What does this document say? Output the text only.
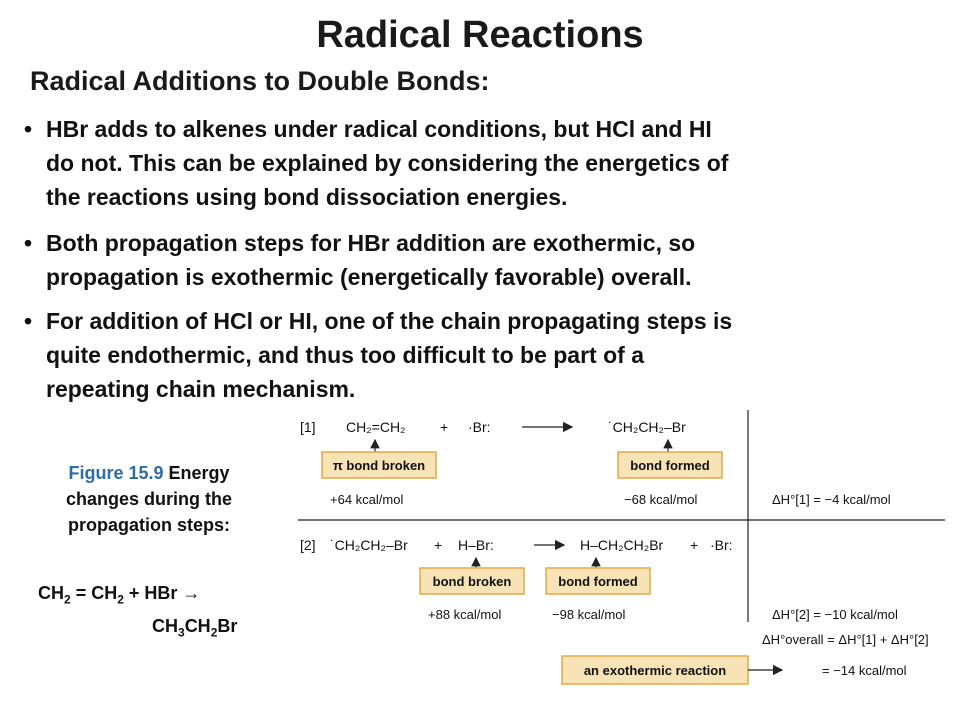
Radical Reactions
Radical Additions to Double Bonds:
• HBr adds to alkenes under radical conditions, but HCl and HI
do not. This can be explained by considering the energetics of
the reactions using bond dissociation energies.
• Both propagation steps for HBr addition are exothermic, so
propagation is exothermic (energetically favorable) overall.
• For addition of HCl or HI, one of the chain propagating steps is
quite endothermic, and thus too difficult to be part of a
repeating chain mechanism.
Figure 15.9 Energy
changes during the
propagation steps:
$CH_2 = CH_2$ + HBr →
$CH_3CH_2Br$
[1] CH₂=CH₂ + ·Br:	˙CH₂CH₂–Br
π bond broken	bond formed
+64 kcal/mol	−68 kcal/mol	ΔH°[1] = −4 kcal/mol
[2] ˙CH₂CH₂–Br + H–Br:	H–CH₂CH₂Br + ·Br:
bond broken	bond formed
+88 kcal/mol	−98 kcal/mol	ΔH°[2] = −10 kcal/mol
ΔH°overall = ΔH°[1] + ΔH°[2]
an exothermic reaction	= −14 kcal/mol
